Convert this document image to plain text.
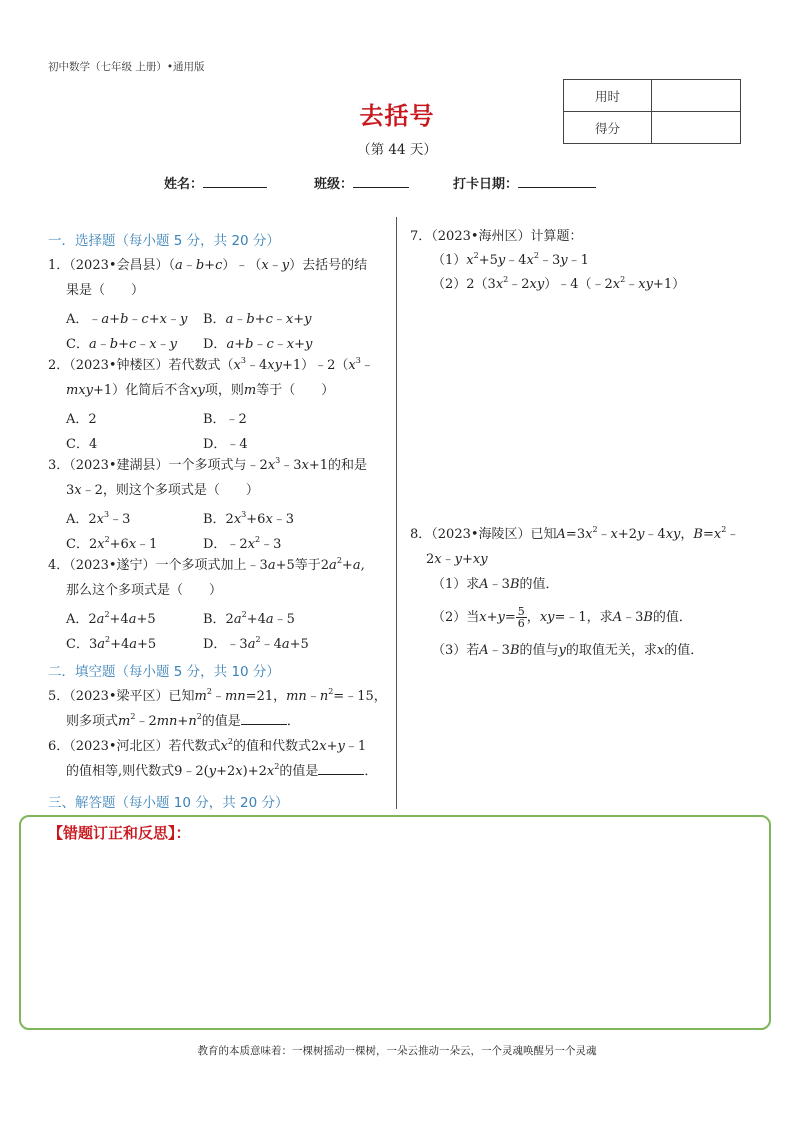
初中数学（七年级 上册）•通用版
去括号
（第 44 天）
用时	
得分	
姓名：	班级：	打卡日期：
一．选择题（每小题 5 分，共 20 分）
1．（2023•会昌县）（a﹣b+c）﹣（x﹣y）去括号的结
果是（　　）
A．﹣a+b﹣c+x﹣y B．a﹣b+c﹣x+y
C．a﹣b+c﹣x﹣y D．a+b﹣c﹣x+y
2．（2023•钟楼区）若代数式$(x^3﹣4xy+1)﹣2(x^3﹣$
mxy+1）化简后不含xy项，则m等于（　　）
A．2	B．﹣2
C．4	D．﹣4
3．（2023•建湖县）一个多项式与$﹣2x^3﹣3x+1$的和是
3x﹣2，则这个多项式是（　　）
A．$2x^3﹣3$	B．$2x^3+6x﹣3$
C．$2x^2+6x﹣1$	D．$﹣2x^2﹣3$
4．（2023•遂宁）一个多项式加上﹣3a+5等于$2a^2+a$,
那么这个多项式是（　　）
A．$2a^2+4a+5$	B．$2a^2+4a﹣5$
C．$3a^2+4a+5$	D．$﹣3a^2﹣4a+5$
二．填空题（每小题 5 分，共 10 分）
5．（2023•梁平区）已知$m^2﹣mn=21$，$mn﹣n^2=﹣15$，
则多项式$m^2﹣2mn+n^2$的值是	．
6．（2023•河北区）若代数式$x^2$的值和代数式2x+y﹣1
的值相等,则代数式$9﹣2(y+2x)+2x^2$的值是	．
三、解答题（每小题 10 分，共 20 分）
7．（2023•海州区）计算题：
$(1)x^2+5y﹣4x^2﹣3y﹣1$
$(2)2(3x^2﹣2xy)﹣4(﹣2x^2﹣xy+1)$
8．（2023•海陵区）已知$A=3x^2﹣x+2y﹣4xy$，$B=x^2﹣$
2x﹣y+xy
（1）求A﹣3B的值．
（2）当$x+y= \frac{5}{6}$ ，xy=﹣1，求A﹣3B的值．
（3）若A﹣3B的值与y的取值无关，求x的值．
【错题订正和反思】：
教育的本质意味着：一棵树摇动一棵树，一朵云推动一朵云，一个灵魂唤醒另一个灵魂
